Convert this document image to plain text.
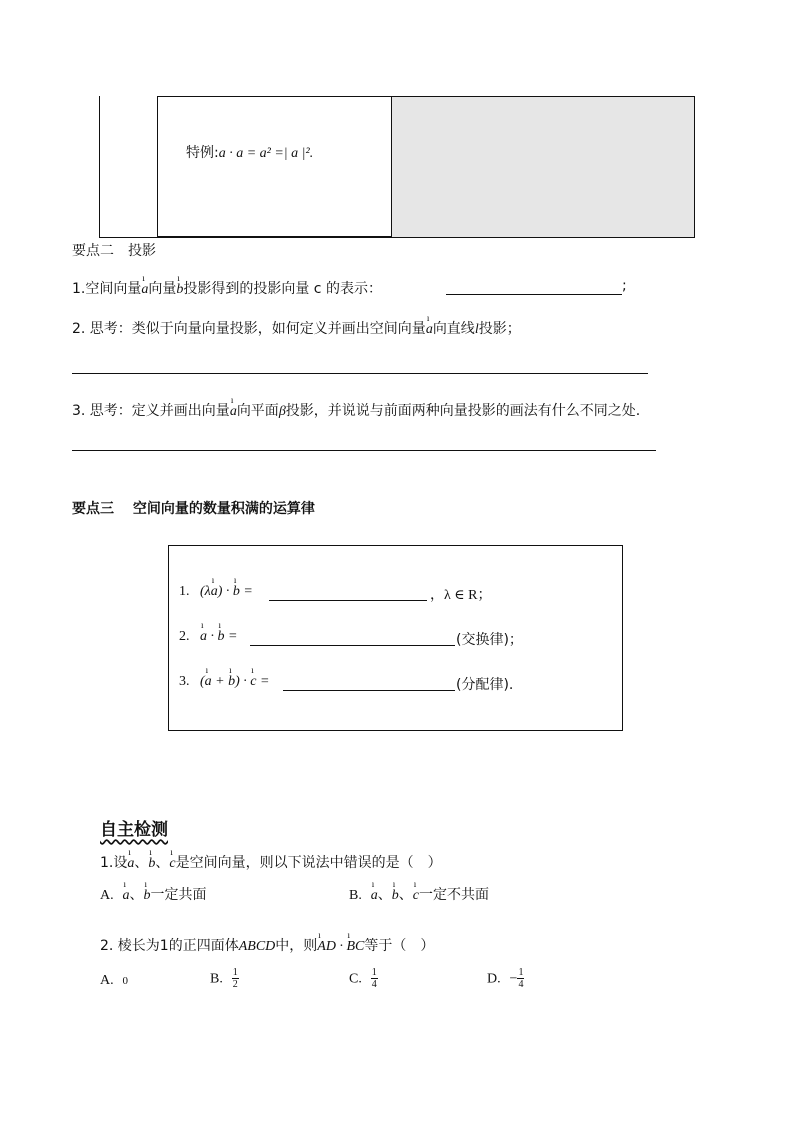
特例:a · a = a² =| a |².
要点二　投影
1.空间向量ı a向量ı b投影得到的投影向量 c 的表示：	;
2. 思考：类似于向量向量投影，如何定义并画出空间向量ı a向直线l投影；
3. 思考：定义并画出向量ı a向平面β投影，并说说与前面两种向量投影的画法有什么不同之处.
要点三　 空间向量的数量积满的运算律
1. (λı a) · ı b =	，λ ∈ R；
2. ı a · ı b =	(交换律)；
3. (ı a + ı b) · ı c =	(分配律).
自主检测
1.设ı a、ı b、ı c是空间向量，则以下说法中错误的是（　）
A. ı a、ı b一定共面	B. ı a、ı b、ı c一定不共面
2. 棱长为1的正四面体ABCD中，则ı AD · ı BC等于（　）
A. 0	B. $\frac{1}{2}$	C. $\frac{1}{4}$	D. − $\frac{1}{4}$
